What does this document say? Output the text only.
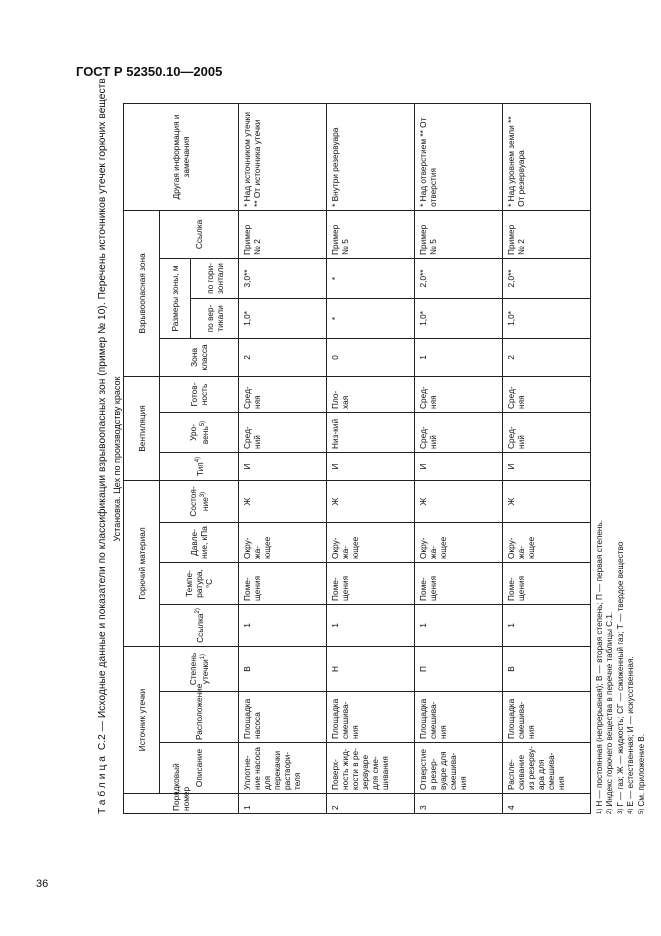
ГОСТ Р 52350.10—2005
Таблица С.2 — Исходные данные и показатели по классификации взрывоопасных зон (пример № 10). Перечень источников утечек горючих веществ Установка. Цех по производству красок
Порядковый номер	Источник утечки			Горючий материал				Вентиляция			Взрывоопасная зона				Другая информация и замечания
	Описание	Расположение	Степень утечки$^{1)}$	Ссылка$^{2)}$	Темпе-ратура, °С	Давле-ние, кПа	Состоя-ние$^{3)}$	Тип$^{4)}$	Уро-вень$^{5)}$	Готов-ность	Зона класса	Размеры зоны, м		Ссылка	
												по вер-тикали	по гори-зонтали		
1	Уплотне-ние насоса для перекачки раствори-теля	Площадка насоса	В	1	Поме-щения	Окру-жа-ющее	Ж	И	Сред-ний	Сред-няя	2	1,0*	3,0**	Пример № 2	* Над источником утечки ** От источника утечки
2	Поверх-ность жид-кости в ре-зервуаре для сме-шивания	Площадка смешива-ния	Н	1	Поме-щения	Окру-жа-ющее	Ж	И	Низ-кий	Пло-хая	0	*	*	Пример № 5	* Внутри резервуара
3	Отверстие в резер-вуаре для смешива-ния	Площадка смешива-ния	П	1	Поме-щения	Окру-жа-ющее	Ж	И	Сред-ний	Сред-няя	1	1,0*	2,0**	Пример № 5	* Над отверстием ** От отверстия
4	Распле-скивание из резерву-ара для смешива-ния	Площадка смешива-ния	В	1	Поме-щения	Окру-жа-ющее	Ж	И	Сред-ний	Сред-няя	2	1,0*	2,0**	Пример № 2	* Над уровнем земли ** От резервуара
$^{1)}$Н — постоянная (непрерывная); В — вторая степень; П — первая степень.
$^{2)}$Индекс горючего вещества в перечне таблицы С.1.
$^{3)}$Г — газ; Ж — жидкость; СГ — сжиженный газ; Т — твердое вещество
$^{4)}$Е — естественная; И — искусственная.
$^{5)}$См. приложение В.
36
